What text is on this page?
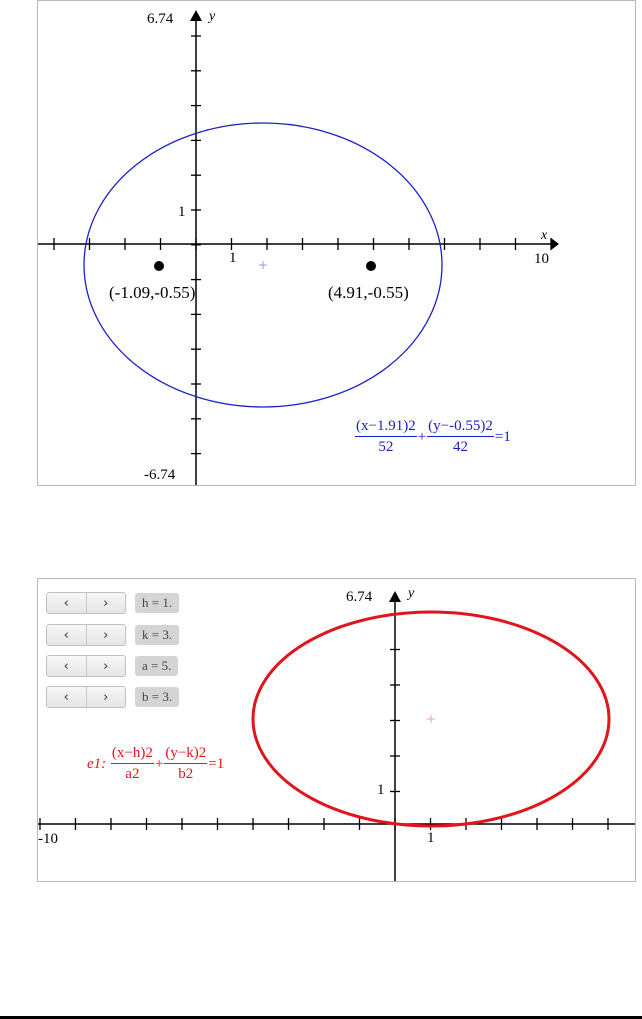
6.74	y
x
10
1
1
-6.74
(-1.09,-0.55)	(4.91,-0.55)
$\frac{(x-1.91)2}{52} + \frac{(y--0.55)2}{42} =1$
6.74	y
-10	1
1
‹	›	h = 1.
‹	›	k = 3.
‹	›	a = 5.
‹	›	b = 3.
e1: $\frac{(x-h)2}{a2} + \frac{(y-k)2}{b2} =1$
